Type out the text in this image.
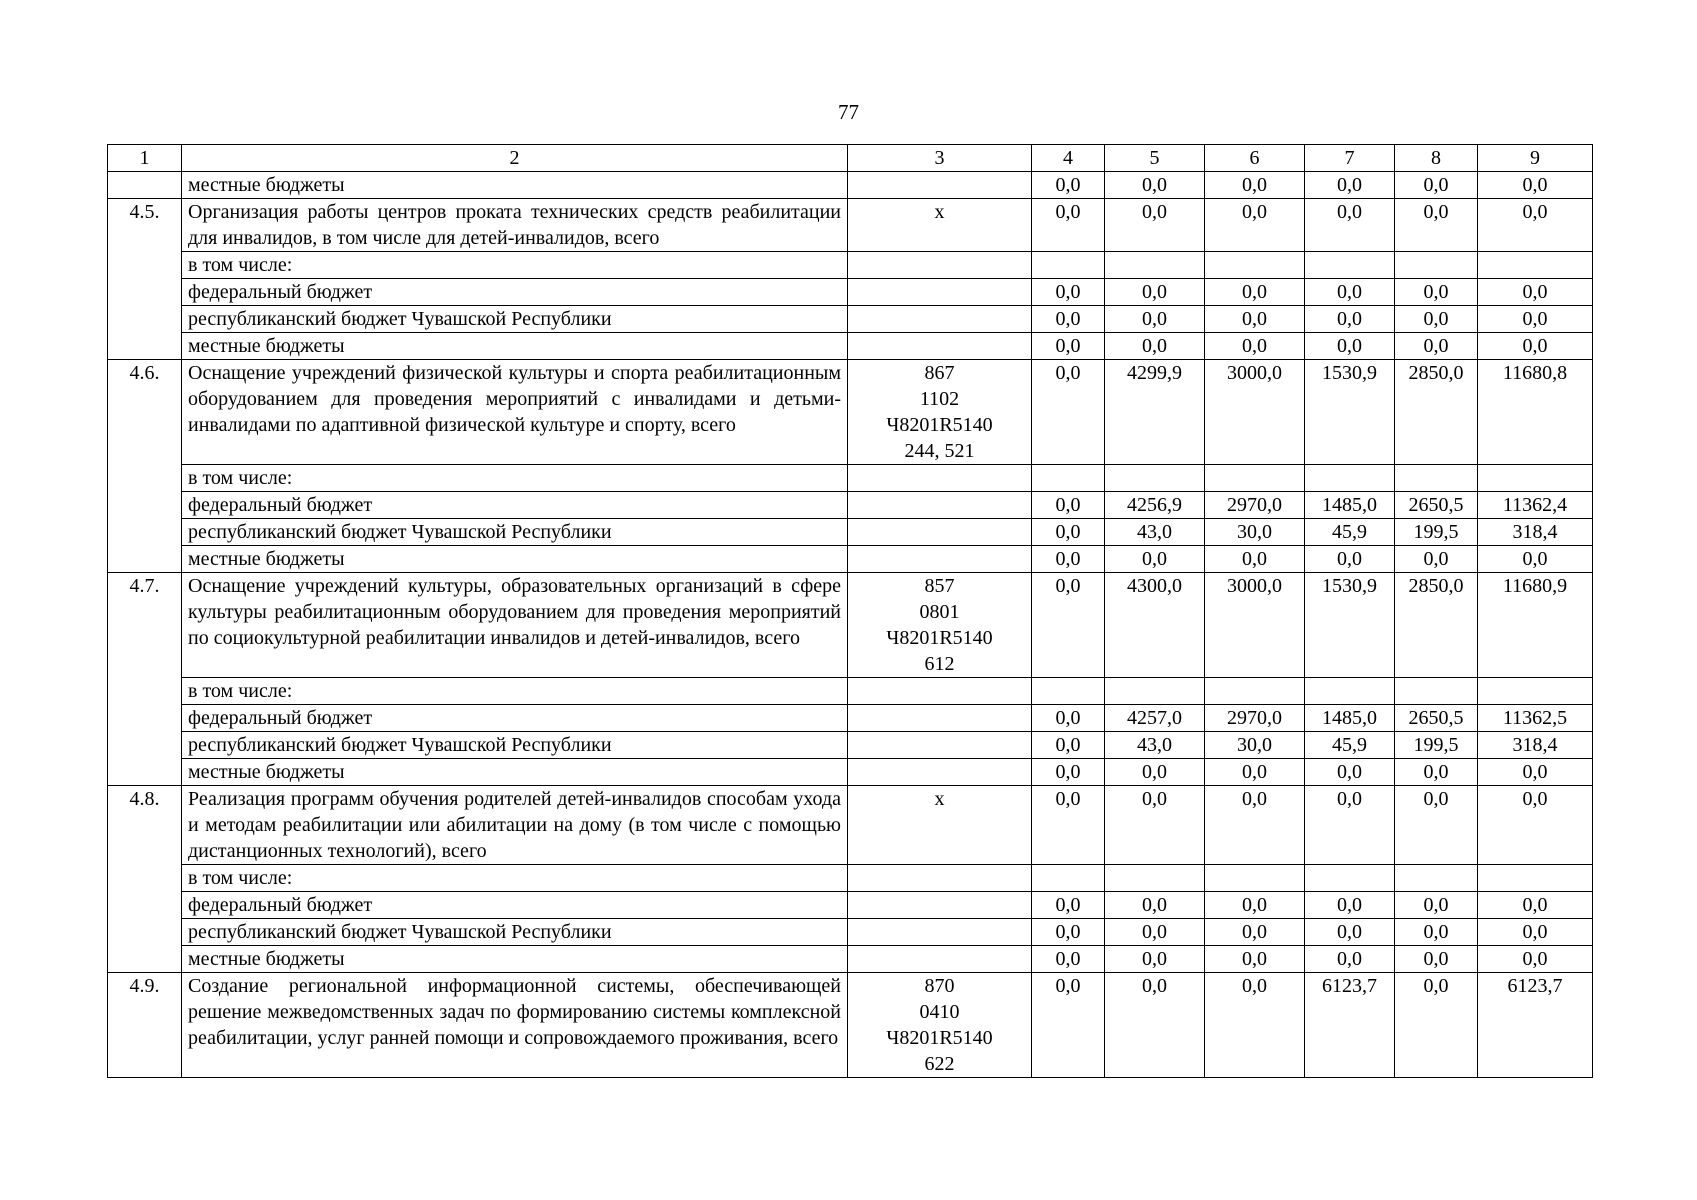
77
1	2	3	4	5	6	7	8	9
	местные бюджеты		0,0	0,0	0,0	0,0	0,0	0,0
4.5.	Организация работы центров проката технических средств реабилитации для инвалидов, в том числе для детей-инвалидов, всего	х	0,0	0,0	0,0	0,0	0,0	0,0
	в том числе:							
	федеральный бюджет		0,0	0,0	0,0	0,0	0,0	0,0
	республиканский бюджет Чувашской Республики		0,0	0,0	0,0	0,0	0,0	0,0
	местные бюджеты		0,0	0,0	0,0	0,0	0,0	0,0
4.6.	Оснащение учреждений физической культуры и спорта реабилитационным оборудованием для проведения мероприятий с инвалидами и детьми-инвалидами по адаптивной физической культуре и спорту, всего	867
1102
Ч8201R5140
244, 521	0,0	4299,9	3000,0	1530,9	2850,0	11680,8
	в том числе:							
	федеральный бюджет		0,0	4256,9	2970,0	1485,0	2650,5	11362,4
	республиканский бюджет Чувашской Республики		0,0	43,0	30,0	45,9	199,5	318,4
	местные бюджеты		0,0	0,0	0,0	0,0	0,0	0,0
4.7.	Оснащение учреждений культуры, образовательных организаций в сфере культуры реабилитационным оборудованием для проведения мероприятий по социокультурной реабилитации инвалидов и детей-инвалидов, всего	857
0801
Ч8201R5140
612	0,0	4300,0	3000,0	1530,9	2850,0	11680,9
	в том числе:							
	федеральный бюджет		0,0	4257,0	2970,0	1485,0	2650,5	11362,5
	республиканский бюджет Чувашской Республики		0,0	43,0	30,0	45,9	199,5	318,4
	местные бюджеты		0,0	0,0	0,0	0,0	0,0	0,0
4.8.	Реализация программ обучения родителей детей-инвалидов способам ухода и методам реабилитации или абилитации на дому (в том числе с помощью дистанционных технологий), всего	х	0,0	0,0	0,0	0,0	0,0	0,0
	в том числе:							
	федеральный бюджет		0,0	0,0	0,0	0,0	0,0	0,0
	республиканский бюджет Чувашской Республики		0,0	0,0	0,0	0,0	0,0	0,0
	местные бюджеты		0,0	0,0	0,0	0,0	0,0	0,0
4.9.	Создание региональной информационной системы, обеспечивающей решение межведомственных задач по формированию системы комплексной реабилитации, услуг ранней помощи и сопровождаемого проживания, всего	870
0410
Ч8201R5140
622	0,0	0,0	0,0	6123,7	0,0	6123,7
